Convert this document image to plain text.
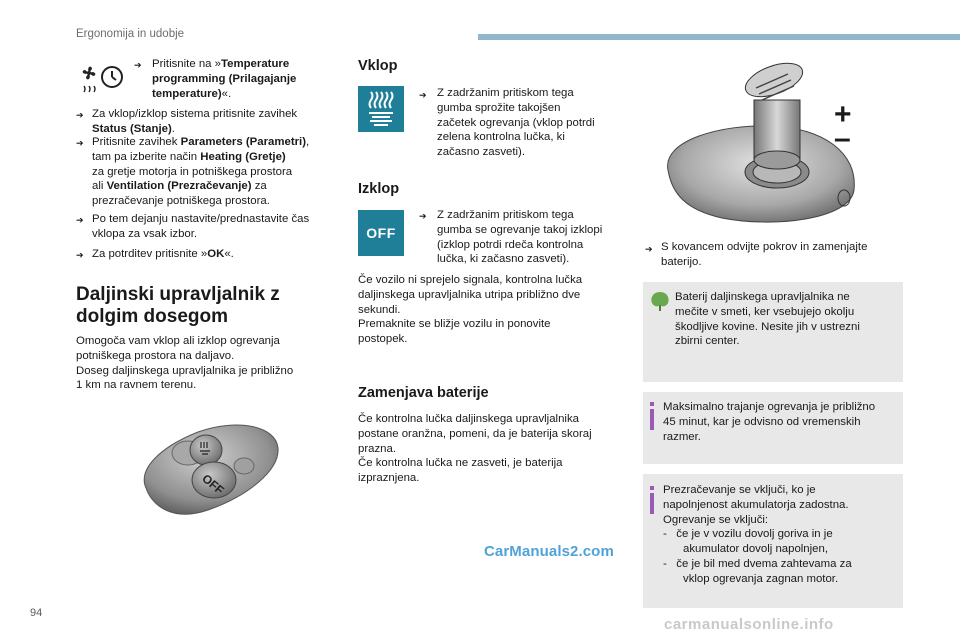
Ergonomija in udobje
➔ Pritisnite na »Temperature
programming (Prilagajanje
temperature)«.
➔ Za vklop/izklop sistema pritisnite zavihek
Status (Stanje).
➔ Pritisnite zavihek Parameters (Parametri),
tam pa izberite način Heating (Gretje)
za gretje motorja in potniškega prostora
ali Ventilation (Prezračevanje) za
prezračevanje potniškega prostora.
➔ Po tem dejanju nastavite/prednastavite čas
vklopa za vsak izbor.
➔ Za potrditev pritisnite »OK«.
Daljinski upravljalnik z
dolgim dosegom
Omogoča vam vklop ali izklop ogrevanja
potniškega prostora na daljavo.
Doseg daljinskega upravljalnika je približno
1 km na ravnem terenu.
OFF
Vklop
➔ Z zadržanim pritiskom tega
gumba sprožite takojšen
začetek ogrevanja (vklop potrdi
zelena kontrolna lučka, ki
začasno zasveti).
Izklop
OFF
➔ Z zadržanim pritiskom tega
gumba se ogrevanje takoj izklopi
(izklop potrdi rdeča kontrolna
lučka, ki začasno zasveti).
Če vozilo ni sprejelo signala, kontrolna lučka
daljinskega upravljalnika utripa približno dve
sekundi.
Premaknite se bližje vozilu in ponovite
postopek.
Zamenjava baterije
Če kontrolna lučka daljinskega upravljalnika
postane oranžna, pomeni, da je baterija skoraj
prazna.
Če kontrolna lučka ne zasveti, je baterija
izpraznjena.
+
–
➔ S kovancem odvijte pokrov in zamenjajte
baterijo.
Baterij daljinskega upravljalnika ne
mečite v smeti, ker vsebujejo okolju
škodljive kovine. Nesite jih v ustrezni
zbirni center.
Maksimalno trajanje ogrevanja je približno
45 minut, kar je odvisno od vremenskih
razmer.
Prezračevanje se vključi, ko je
napolnjenost akumulatorja zadostna.
Ogrevanje se vključi:
-   če je v vozilu dovolj goriva in je
akumulator dovolj napolnjen,
-   če je bil med dvema zahtevama za
vklop ogrevanja zagnan motor.
94
CarManuals2.com
carmanualsonline.info
